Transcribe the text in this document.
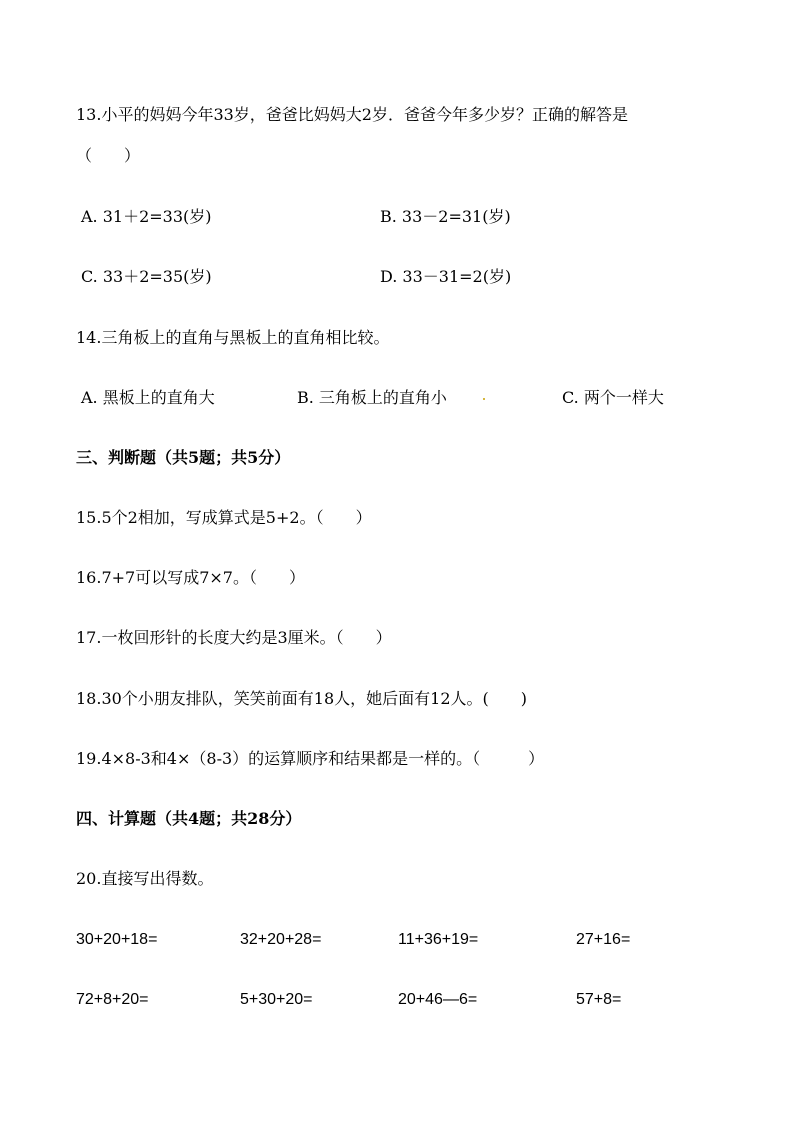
13.小平的妈妈今年33岁，爸爸比妈妈大2岁．爸爸今年多少岁？正确的解答是
（　　）
A. 31＋2=33(岁)	B. 33－2=31(岁)
C. 33＋2=35(岁)	D. 33－31=2(岁)
14.三角板上的直角与黑板上的直角相比较。
A. 黑板上的直角大	B. 三角板上的直角小	C. 两个一样大
三、判断题（共5题；共5分）
15.5个2相加，写成算式是5+2。（　　）
16.7+7可以写成7×7。（　　）
17.一枚回形针的长度大约是3厘米。（　　）
18.30个小朋友排队，笑笑前面有18人，她后面有12人。(　　)
19.4×8-3和4×（8-3）的运算顺序和结果都是一样的。（　　　）
四、计算题（共4题；共28分）
20.直接写出得数。
30+20+18=	32+20+28=	11+36+19=	27+16=
72+8+20=	5+30+20=	20+46—6=	57+8=
